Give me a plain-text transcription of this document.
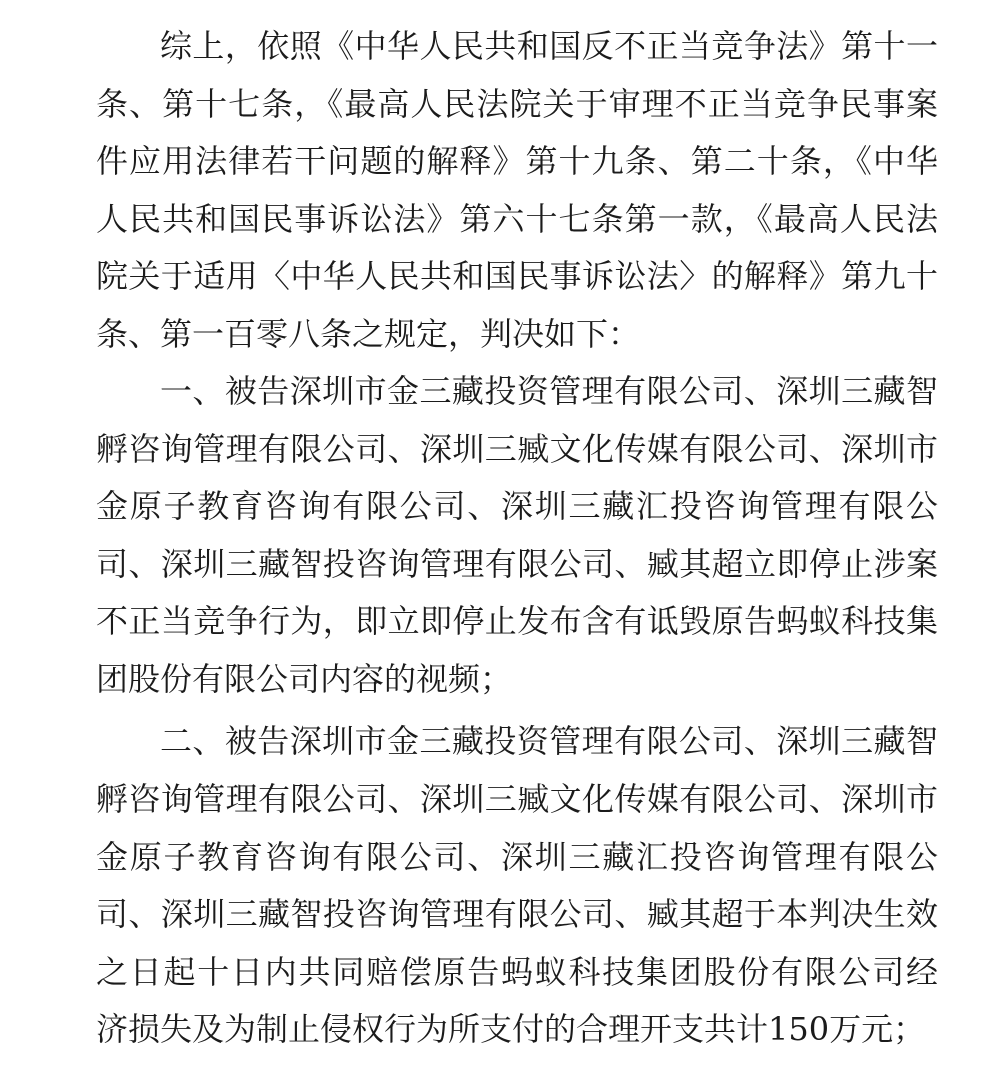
综上，依照《中华人民共和国反不正当竞争法》第十一
条、第十七条，《最高人民法院关于审理不正当竞争民事案
件应用法律若干问题的解释》第十九条、第二十条，《中华
人民共和国民事诉讼法》第六十七条第一款，《最高人民法
院关于适用〈中华人民共和国民事诉讼法〉的解释》第九十
条、第一百零八条之规定，判决如下：
一、被告深圳市金三藏投资管理有限公司、深圳三藏智
孵咨询管理有限公司、深圳三臧文化传媒有限公司、深圳市
金原子教育咨询有限公司、深圳三藏汇投咨询管理有限公
司、深圳三藏智投咨询管理有限公司、臧其超立即停止涉案
不正当竞争行为，即立即停止发布含有诋毁原告蚂蚁科技集
团股份有限公司内容的视频；
二、被告深圳市金三藏投资管理有限公司、深圳三藏智
孵咨询管理有限公司、深圳三臧文化传媒有限公司、深圳市
金原子教育咨询有限公司、深圳三藏汇投咨询管理有限公
司、深圳三藏智投咨询管理有限公司、臧其超于本判决生效
之日起十日内共同赔偿原告蚂蚁科技集团股份有限公司经
济损失及为制止侵权行为所支付的合理开支共计150万元；
